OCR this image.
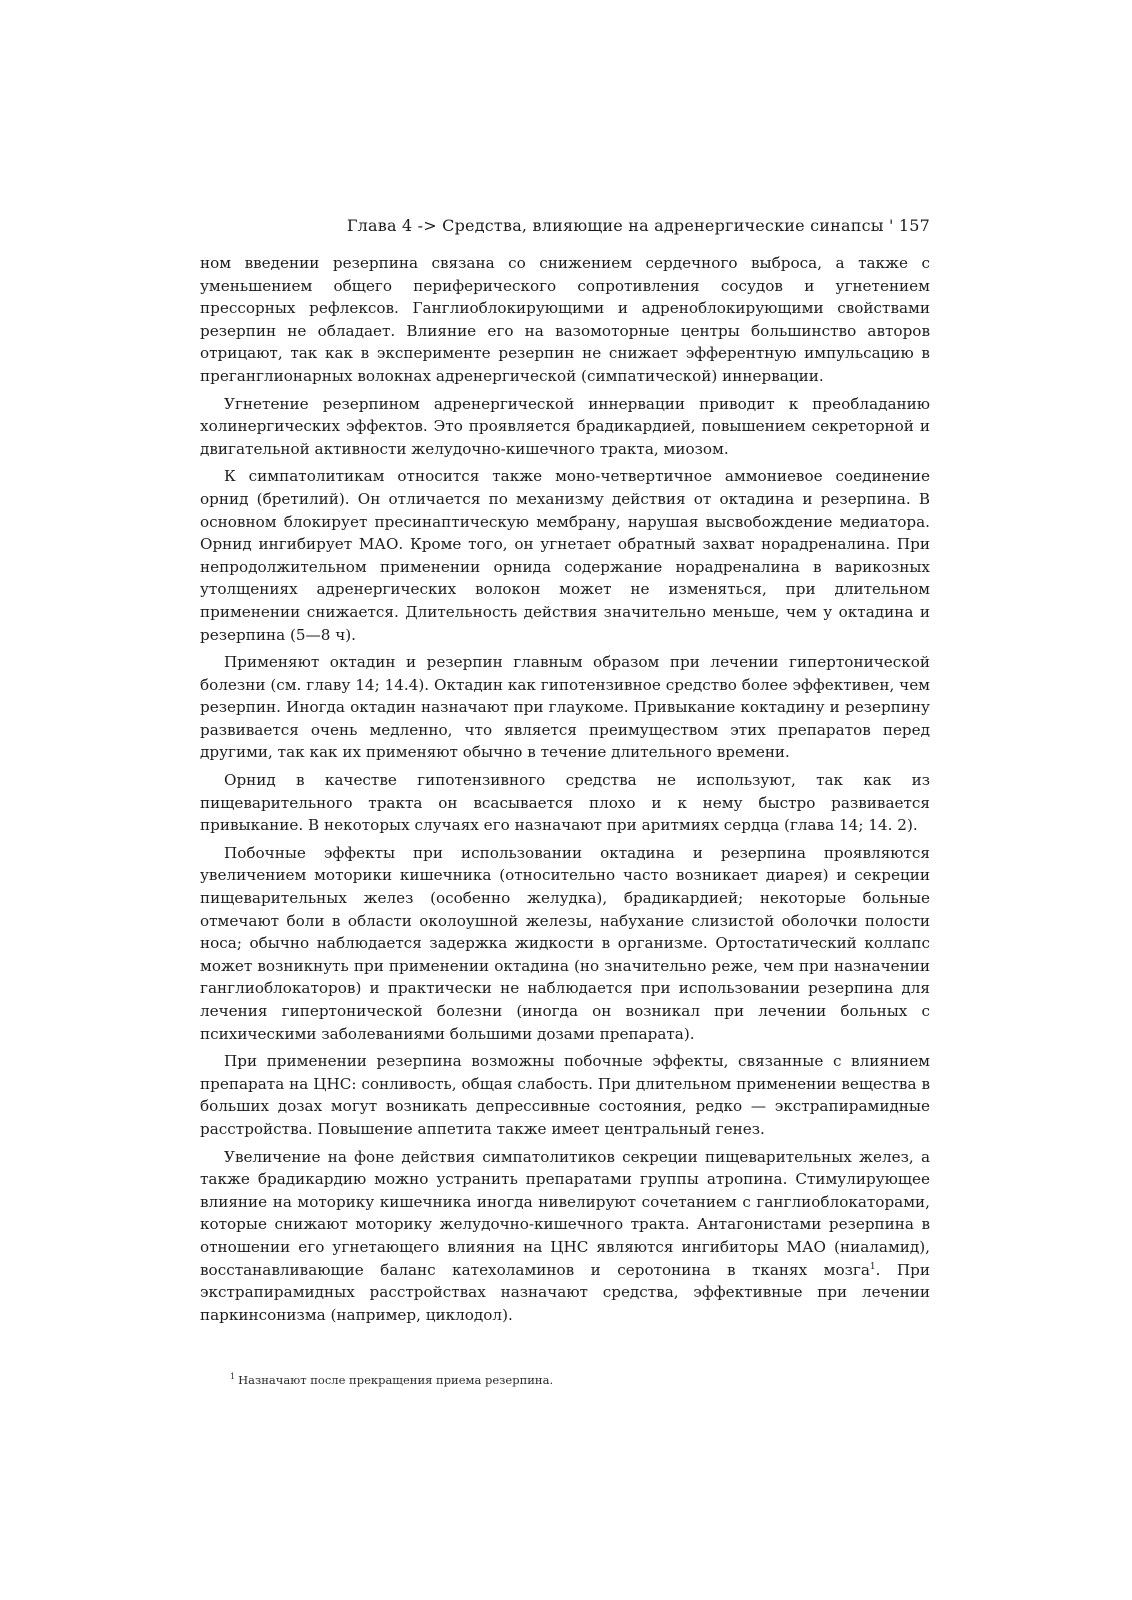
Глава 4 -> Средства, влияющие на адренергические синапсы ' 157

ном введении резерпина связана со снижением сердечного выброса, а также с уменьшением общего периферического сопротивления сосудов и угнетением прессорных рефлексов. Ганглиоблокирующими и адреноблокирующими свойствами резерпин не обладает. Влияние его на вазомоторные центры большинство авторов отрицают, так как в эксперименте резерпин не снижает эфферентную импульсацию в преганглионарных волокнах адренергической (симпатической) иннервации.

Угнетение резерпином адренергической иннервации приводит к преобладанию холинергических эффектов. Это проявляется брадикардией, повышением секреторной и двигательной активности желудочно-кишечного тракта, миозом.

К симпатолитикам относится также моно-четвертичное аммониевое соединение орнид (бретилий). Он отличается по механизму действия от октадина и резерпина. В основном блокирует пресинаптическую мембрану, нарушая высвобождение медиатора. Орнид ингибирует МАО. Кроме того, он угнетает обратный захват норадреналина. При непродолжительном применении орнида содержание норадреналина в варикозных утолщениях адренергических волокон может не изменяться, при длительном применении снижается. Длительность действия значительно меньше, чем у октадина и резерпина (5—8 ч).

Применяют октадин и резерпин главным образом при лечении гипертонической болезни (см. главу 14; 14.4). Октадин как гипотензивное средство более эффективен, чем резерпин. Иногда октадин назначают при глаукоме. Привыкание коктадину и резерпину развивается очень медленно, что является преимуществом этих препаратов перед другими, так как их применяют обычно в течение длительного времени.

Орнид в качестве гипотензивного средства не используют, так как из пищеварительного тракта он всасывается плохо и к нему быстро развивается привыкание. В некоторых случаях его назначают при аритмиях сердца (глава 14; 14. 2).

Побочные эффекты при использовании октадина и резерпина проявляются увеличением моторики кишечника (относительно часто возникает диарея) и секреции пищеварительных желез (особенно желудка), брадикардией; некоторые больные отмечают боли в области околоушной железы, набухание слизистой оболочки полости носа; обычно наблюдается задержка жидкости в организме. Ортостатический коллапс может возникнуть при применении октадина (но значительно реже, чем при назначении ганглиоблокаторов) и практически не наблюдается при использовании резерпина для лечения гипертонической болезни (иногда он возникал при лечении больных с психическими заболеваниями большими дозами препарата).

При применении резерпина возможны побочные эффекты, связанные с влиянием препарата на ЦНС: сонливость, общая слабость. При длительном применении вещества в больших дозах могут возникать депрессивные состояния, редко — экстрапирамидные расстройства. Повышение аппетита также имеет центральный генез.

Увеличение на фоне действия симпатолитиков секреции пищеварительных желез, а также брадикардию можно устранить препаратами группы атропина. Стимулирующее влияние на моторику кишечника иногда нивелируют сочетанием с ганглиоблокаторами, которые снижают моторику желудочно-кишечного тракта. Антагонистами резерпина в отношении его угнетающего влияния на ЦНС являются ингибиторы МАО (ниаламид), восстанавливающие баланс катехоламинов и серотонина в тканях мозга$^1$. При экстрапирамидных расстройствах назначают средства, эффективные при лечении паркинсонизма (например, циклодол).

$^1$ Назначают после прекращения приема резерпина.
